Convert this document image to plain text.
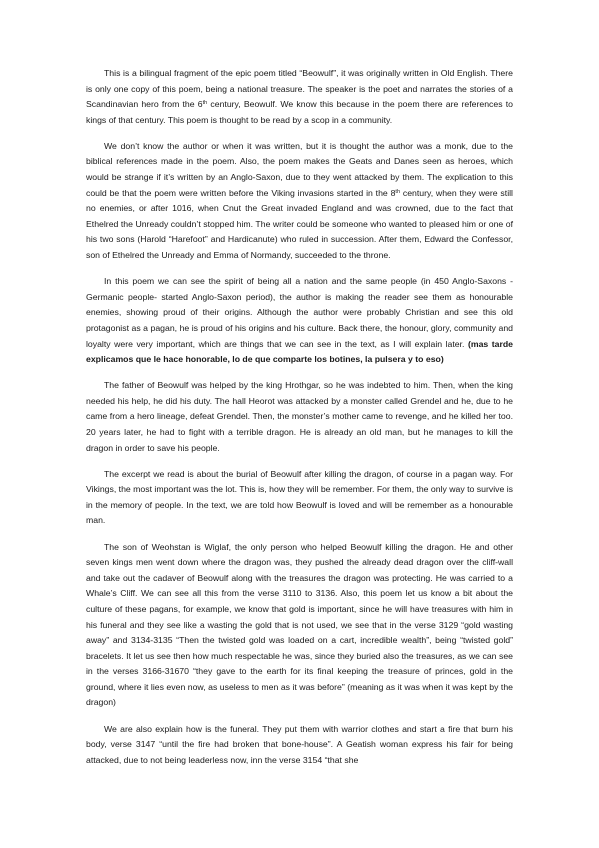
This is a bilingual fragment of the epic poem titled “Beowulf”, it was originally written in Old English. There is only one copy of this poem, being a national treasure. The speaker is the poet and narrates the stories of a Scandinavian hero from the 6th century, Beowulf. We know this because in the poem there are references to kings of that century. This poem is thought to be read by a scop in a community.

We don’t know the author or when it was written, but it is thought the author was a monk, due to the biblical references made in the poem. Also, the poem makes the Geats and Danes seen as heroes, which would be strange if it’s written by an Anglo-Saxon, due to they went attacked by them. The explication to this could be that the poem were written before the Viking invasions started in the 8th century, when they were still no enemies, or after 1016, when Cnut the Great invaded England and was crowned, due to the fact that Ethelred the Unready couldn’t stopped him. The writer could be someone who wanted to pleased him or one of his two sons (Harold “Harefoot” and Hardicanute) who ruled in succession. After them, Edward the Confessor, son of Ethelred the Unready and Emma of Normandy, succeeded to the throne.

In this poem we can see the spirit of being all a nation and the same people (in 450 Anglo-Saxons -Germanic people- started Anglo-Saxon period), the author is making the reader see them as honourable enemies, showing proud of their origins. Although the author were probably Christian and see this old protagonist as a pagan, he is proud of his origins and his culture. Back there, the honour, glory, community and loyalty were very important, which are things that we can see in the text, as I will explain later. (mas tarde explicamos que le hace honorable, lo de que comparte los botines, la pulsera y to eso)

The father of Beowulf was helped by the king Hrothgar, so he was indebted to him. Then, when the king needed his help, he did his duty. The hall Heorot was attacked by a monster called Grendel and he, due to he came from a hero lineage, defeat Grendel. Then, the monster’s mother came to revenge, and he killed her too. 20 years later, he had to fight with a terrible dragon. He is already an old man, but he manages to kill the dragon in order to save his people.

The excerpt we read is about the burial of Beowulf after killing the dragon, of course in a pagan way. For Vikings, the most important was the lot. This is, how they will be remember. For them, the only way to survive is in the memory of people. In the text, we are told how Beowulf is loved and will be remember as a honourable man.

The son of Weohstan is Wiglaf, the only person who helped Beowulf killing the dragon. He and other seven kings men went down where the dragon was, they pushed the already dead dragon over the cliff-wall and take out the cadaver of Beowulf along with the treasures the dragon was protecting. He was carried to a Whale’s Cliff. We can see all this from the verse 3110 to 3136. Also, this poem let us know a bit about the culture of these pagans, for example, we know that gold is important, since he will have treasures with him in his funeral and they see like a wasting the gold that is not used, we see that in the verse 3129 “gold wasting away” and 3134-3135 “Then the twisted gold was loaded on a cart, incredible wealth”, being “twisted gold” bracelets. It let us see then how much respectable he was, since they buried also the treasures, as we can see in the verses 3166-31670 “they gave to the earth for its final keeping the treasure of princes, gold in the ground, where it lies even now, as useless to men as it was before” (meaning as it was when it was kept by the dragon)

We are also explain how is the funeral. They put them with warrior clothes and start a fire that burn his body, verse 3147 “until the fire had broken that bone-house”. A Geatish woman express his fair for being attacked, due to not being leaderless now, inn the verse 3154 “that she
